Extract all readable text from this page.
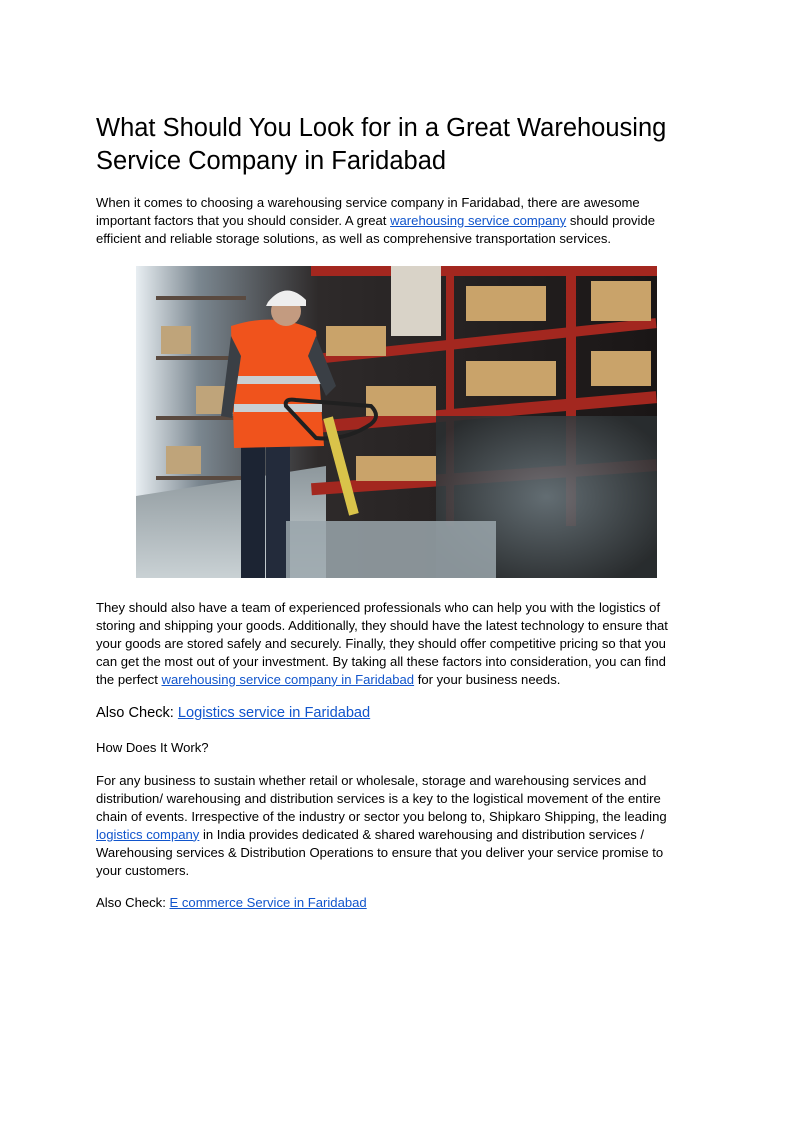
What Should You Look for in a Great Warehousing Service Company in Faridabad

When it comes to choosing a warehousing service company in Faridabad, there are awesome important factors that you should consider. A great warehousing service company should provide efficient and reliable storage solutions, as well as comprehensive transportation services.

They should also have a team of experienced professionals who can help you with the logistics of storing and shipping your goods. Additionally, they should have the latest technology to ensure that your goods are stored safely and securely. Finally, they should offer competitive pricing so that you can get the most out of your investment. By taking all these factors into consideration, you can find the perfect warehousing service company in Faridabad for your business needs.

Also Check: Logistics service in Faridabad

How Does It Work?

For any business to sustain whether retail or wholesale, storage and warehousing services and distribution/ warehousing and distribution services is a key to the logistical movement of the entire chain of events. Irrespective of the industry or sector you belong to, Shipkaro Shipping, the leading logistics company in India provides dedicated & shared warehousing and distribution services / Warehousing services & Distribution Operations to ensure that you deliver your service promise to your customers.

Also Check: E commerce Service in Faridabad
